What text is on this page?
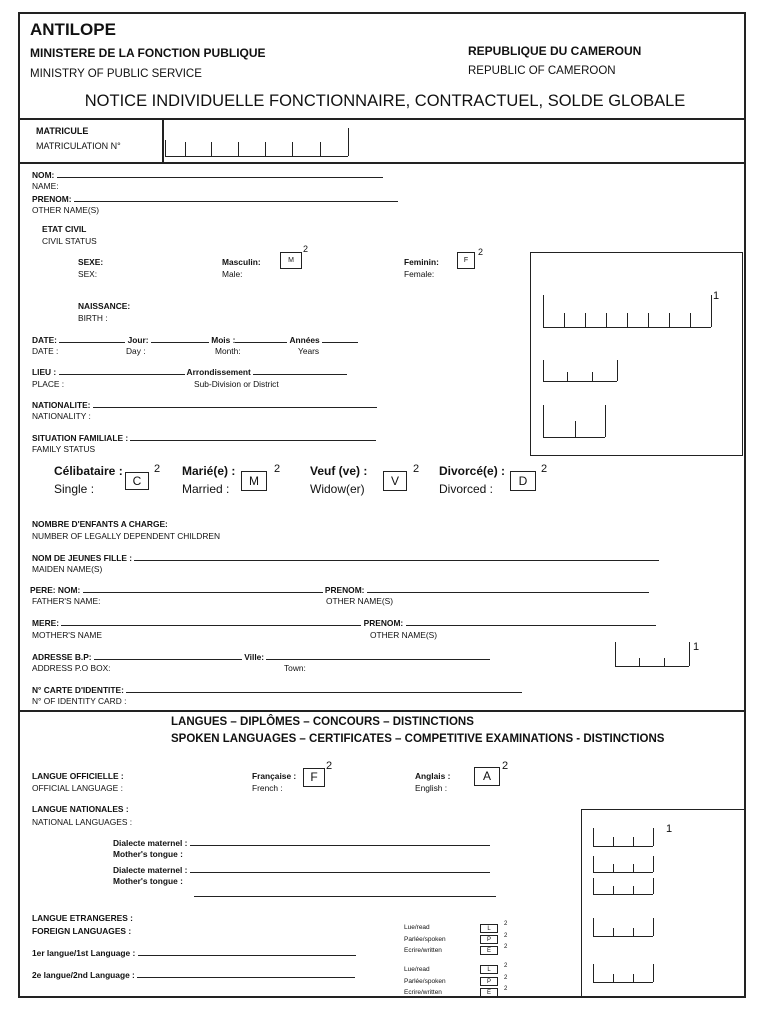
ANTILOPE
MINISTERE DE LA FONCTION PUBLIQUE
MINISTRY OF PUBLIC SERVICE
REPUBLIQUE DU CAMEROUN
REPUBLIC OF CAMEROON
NOTICE INDIVIDUELLE FONCTIONNAIRE, CONTRACTUEL, SOLDE GLOBALE
MATRICULE
MATRICULATION N°
NOM:
NAME:
PRENOM:
OTHER NAME(S)
ETAT CIVIL
CIVIL STATUS
SEXE:
SEX:
Masculin:
Male:
M
2
Feminin:
Female:
F
2
NAISSANCE:
BIRTH :
DATE:	Jour:	Mois :	Années
DATE :	Day :	Month:	Years
LIEU :	Arrondissement
PLACE :	Sub-Division or District
NATIONALITE:
NATIONALITY :
SITUATION FAMILIALE :
FAMILY STATUS
1
Célibataire :
Single :
C
2 Marié(e) :
Married :
M
2 Veuf (ve) :
Widow(er)
V
2 Divorcé(e) :
Divorced :
D
2
NOMBRE D'ENFANTS A CHARGE:
NUMBER OF LEGALLY DEPENDENT CHILDREN
NOM DE JEUNES FILLE :
MAIDEN NAME(S)
PERE: NOM:	PRENOM:
FATHER'S NAME:	OTHER NAME(S)
MERE:	PRENOM:
MOTHER'S NAME	OTHER NAME(S)
ADRESSE B.P:	Ville:
ADDRESS P.O BOX:	Town:
1
N° CARTE D'IDENTITE:
N° OF IDENTITY CARD :
LANGUES – DIPLÔMES – CONCOURS – DISTINCTIONS
SPOKEN LANGUAGES – CERTIFICATES – COMPETITIVE EXAMINATIONS - DISTINCTIONS
LANGUE OFFICIELLE :
OFFICIAL LANGUAGE :
Française :
French :
F
2
Anglais :
English :
A
2
LANGUE NATIONALES :
NATIONAL LANGUAGES :
Dialecte maternel :
Mother's tongue :
Dialecte maternel :
Mother's tongue :
LANGUE ETRANGERES :
FOREIGN LANGUAGES :
1er langue/1st Language :
2e langue/2nd Language :
Lue/read	L
2
Parlée/spoken	P
2
Ecrire/written	E
2
Lue/read	L
2
Parlée/spoken	P
2
Ecrire/written	E
2
1
